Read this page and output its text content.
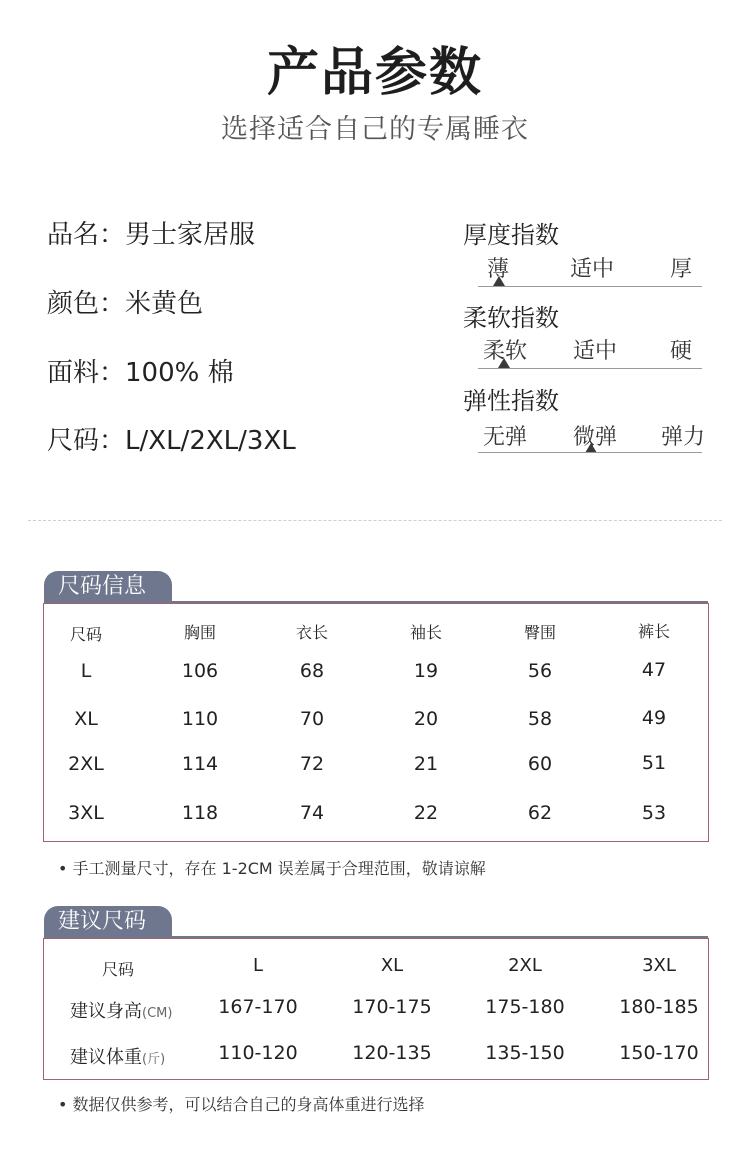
产品参数
选择适合自己的专属睡衣
品名：男士家居服
颜色：米黄色
面料：100% 棉
尺码：L/XL/2XL/3XL
厚度指数
薄	适中	厚
柔软指数
柔软	适中	硬
弹性指数
无弹	微弹	弹力
尺码信息
尺码	胸围	衣长	袖长	臀围	裤长
L	106	68	19	56	47
XL	110	70	20	58	49
2XL	114	72	21	60	51
3XL	118	74	22	62	53
• 手工测量尺寸，存在 1-2CM 误差属于合理范围，敬请谅解
建议尺码
尺码	L	XL	2XL	3XL
建议身高(CM)	167-170	170-175	175-180	180-185
建议体重(斤)	110-120	120-135	135-150	150-170
• 数据仅供参考，可以结合自己的身高体重进行选择
